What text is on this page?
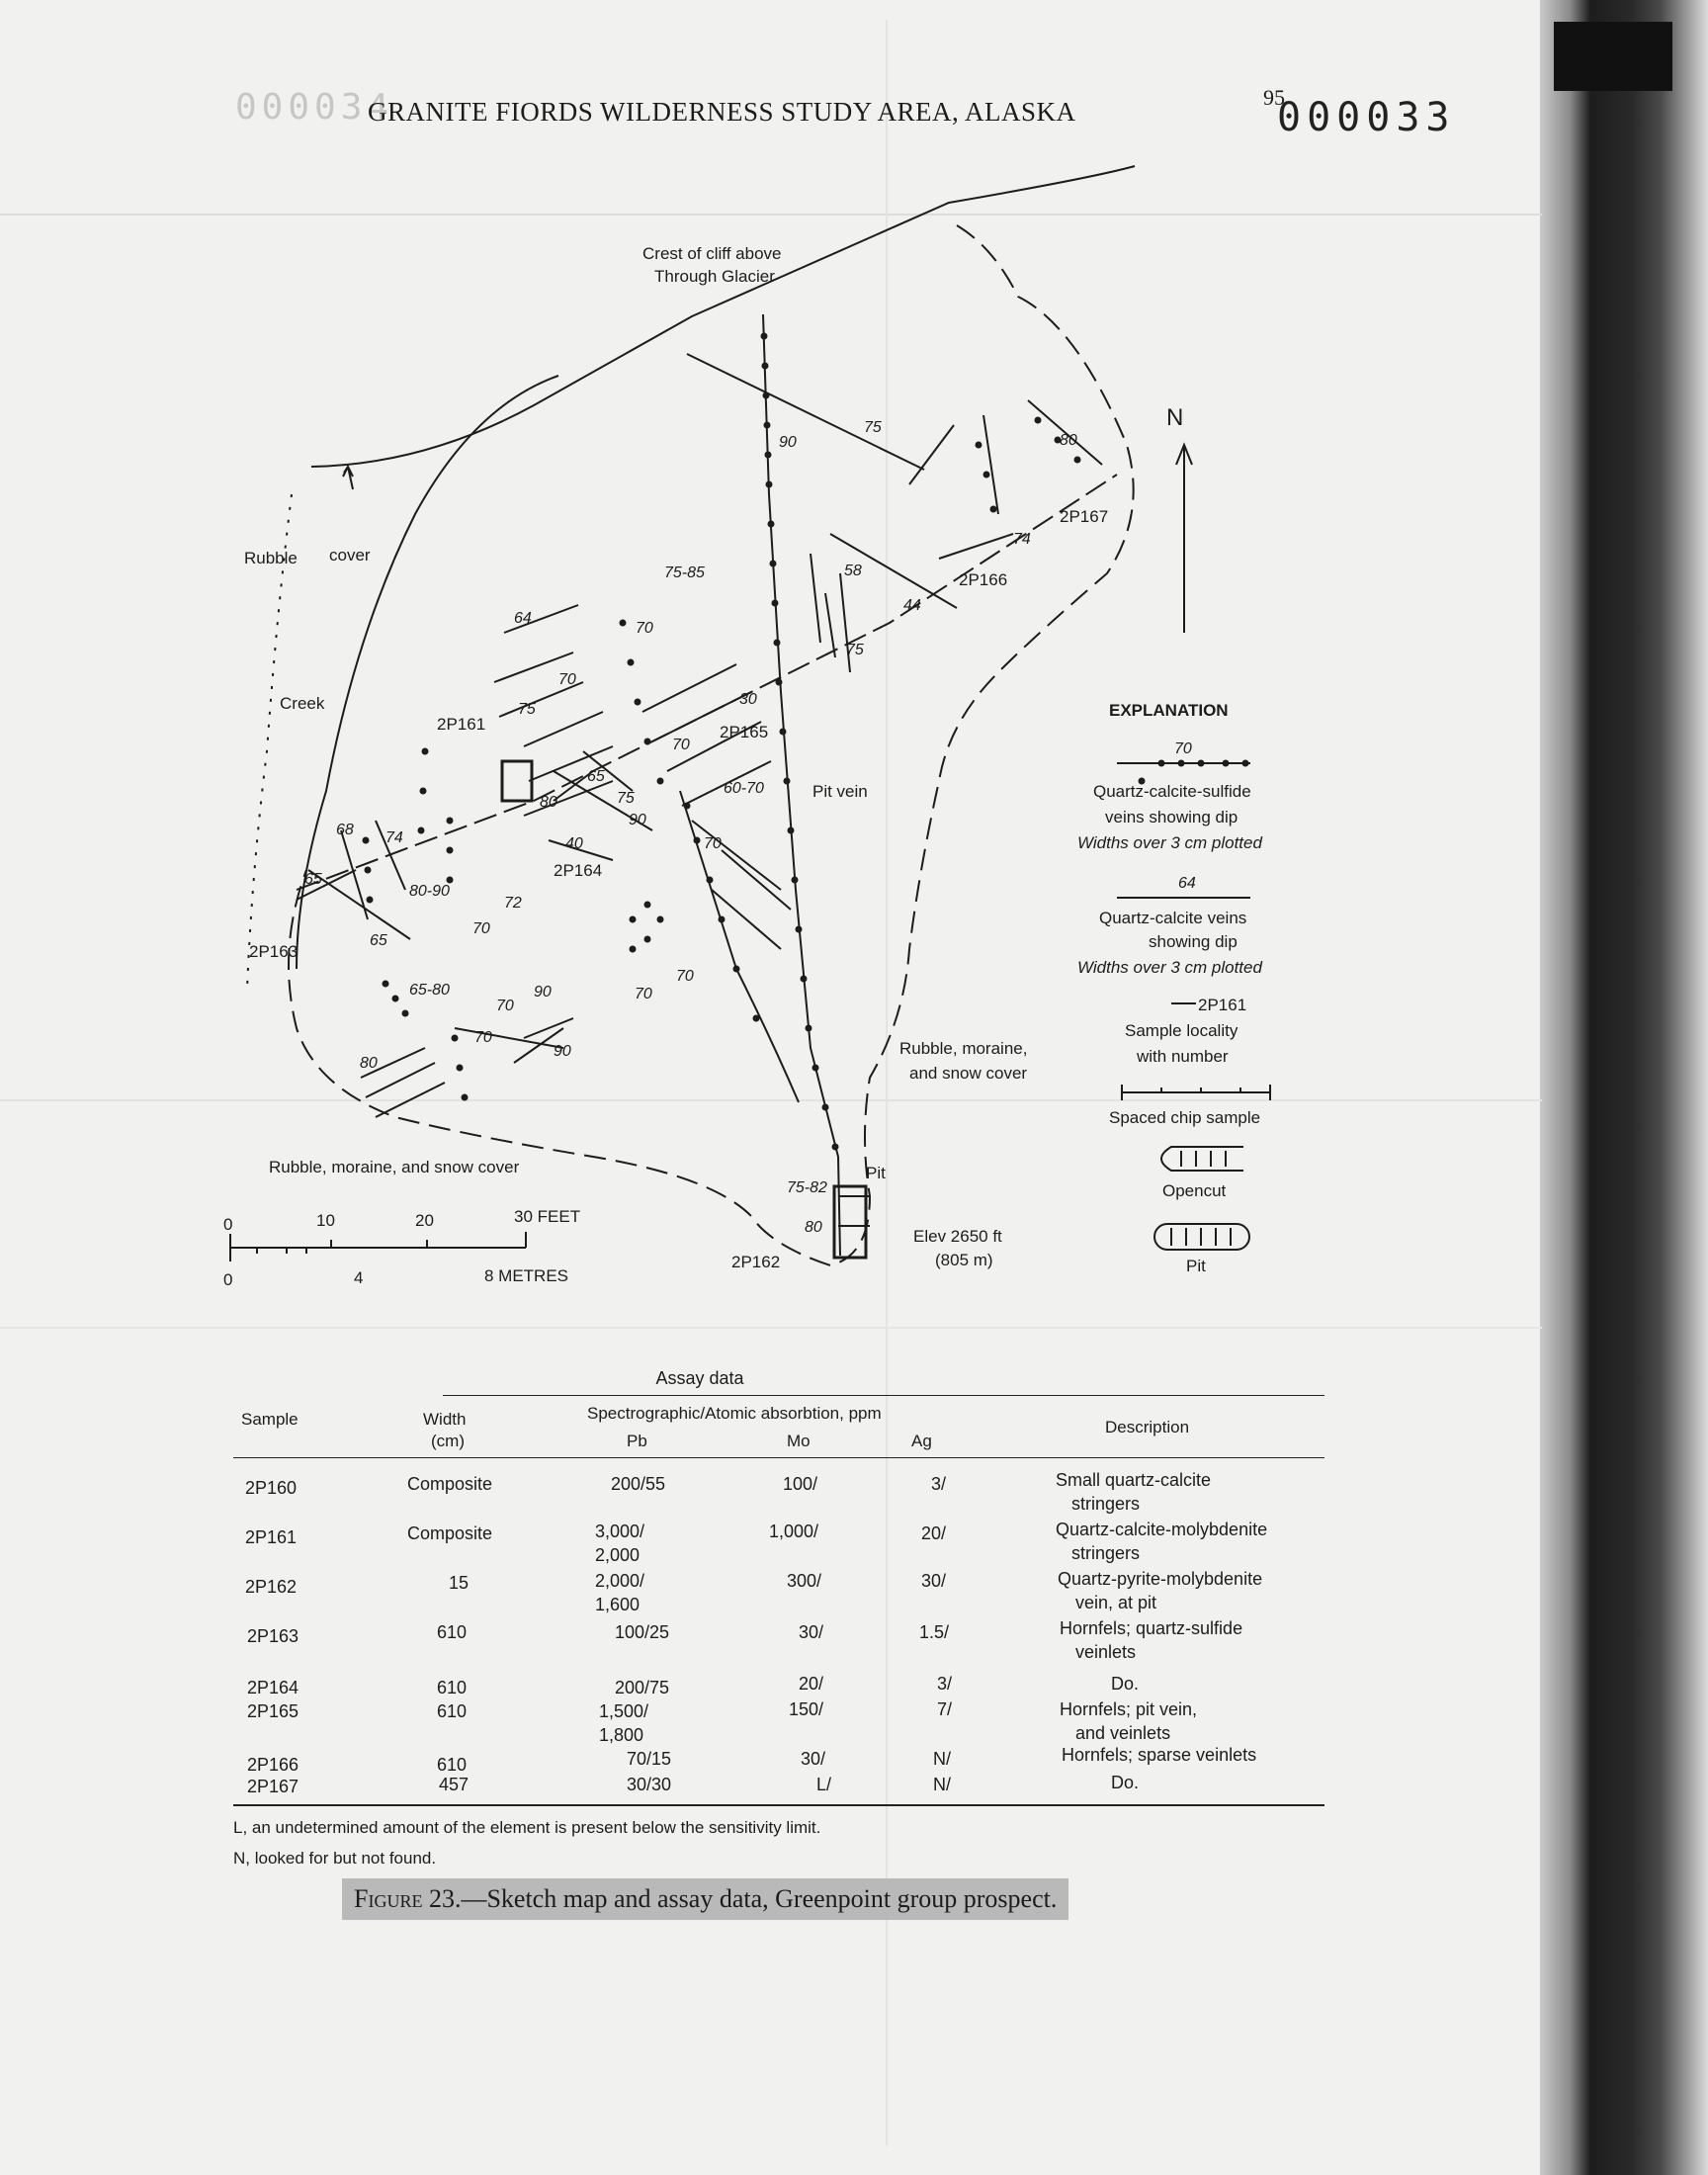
000034
GRANITE FIORDS WILDERNESS STUDY AREA, ALASKA	95
000033
Crest of cliff above
Through Glacier
Rubble cover
Creek
Pit vein
Rubble, moraine,
and snow cover
Rubble, moraine, and snow cover	Pit
Elev 2650 ft
(805 m)
N
2P161
2P162
2P163
2P164
2P165
2P166
2P167
90
75
80
74
75-85	58
44
64
70
75
30
70
75
70
65
75
80
90
40
60-70
70
68 74
65
80-90
72
70
65
70
70
65-80
70
90
70
90
80
75-82
80
0	10	20	30 FEET
0	4	8 METRES
EXPLANATION
70
Quartz-calcite-sulfide
veins showing dip
Widths over 3 cm plotted
64
Quartz-calcite veins
showing dip
Widths over 3 cm plotted
2P161
Sample locality
with number
Spaced chip sample
Opencut
Pit
Assay data
Sample	Width
(cm)
Spectrographic/Atomic absorbtion, ppm
Pb	Mo	Ag
Description
2P160	Composite	200/55	100/	3/	Small quartz-calcite
stringers
2P161	Composite	3,000/
2,000
1,000/	20/	Quartz-calcite-molybdenite
stringers
2P162	15	2,000/
1,600
300/	30/	Quartz-pyrite-molybdenite
vein, at pit
2P163	610	100/25	30/	1.5/	Hornfels; quartz-sulfide
veinlets
2P164	610	200/75	20/	3/	Do.
2P165	610	1,500/
1,800
150/	7/	Hornfels; pit vein,
and veinlets
2P166	610	70/15	30/	N/	Hornfels; sparse veinlets
2P167	457	30/30	L/	N/	Do.
L, an undetermined amount of the element is present below the sensitivity limit.
N, looked for but not found.
Figure 23.—Sketch map and assay data, Greenpoint group prospect.
